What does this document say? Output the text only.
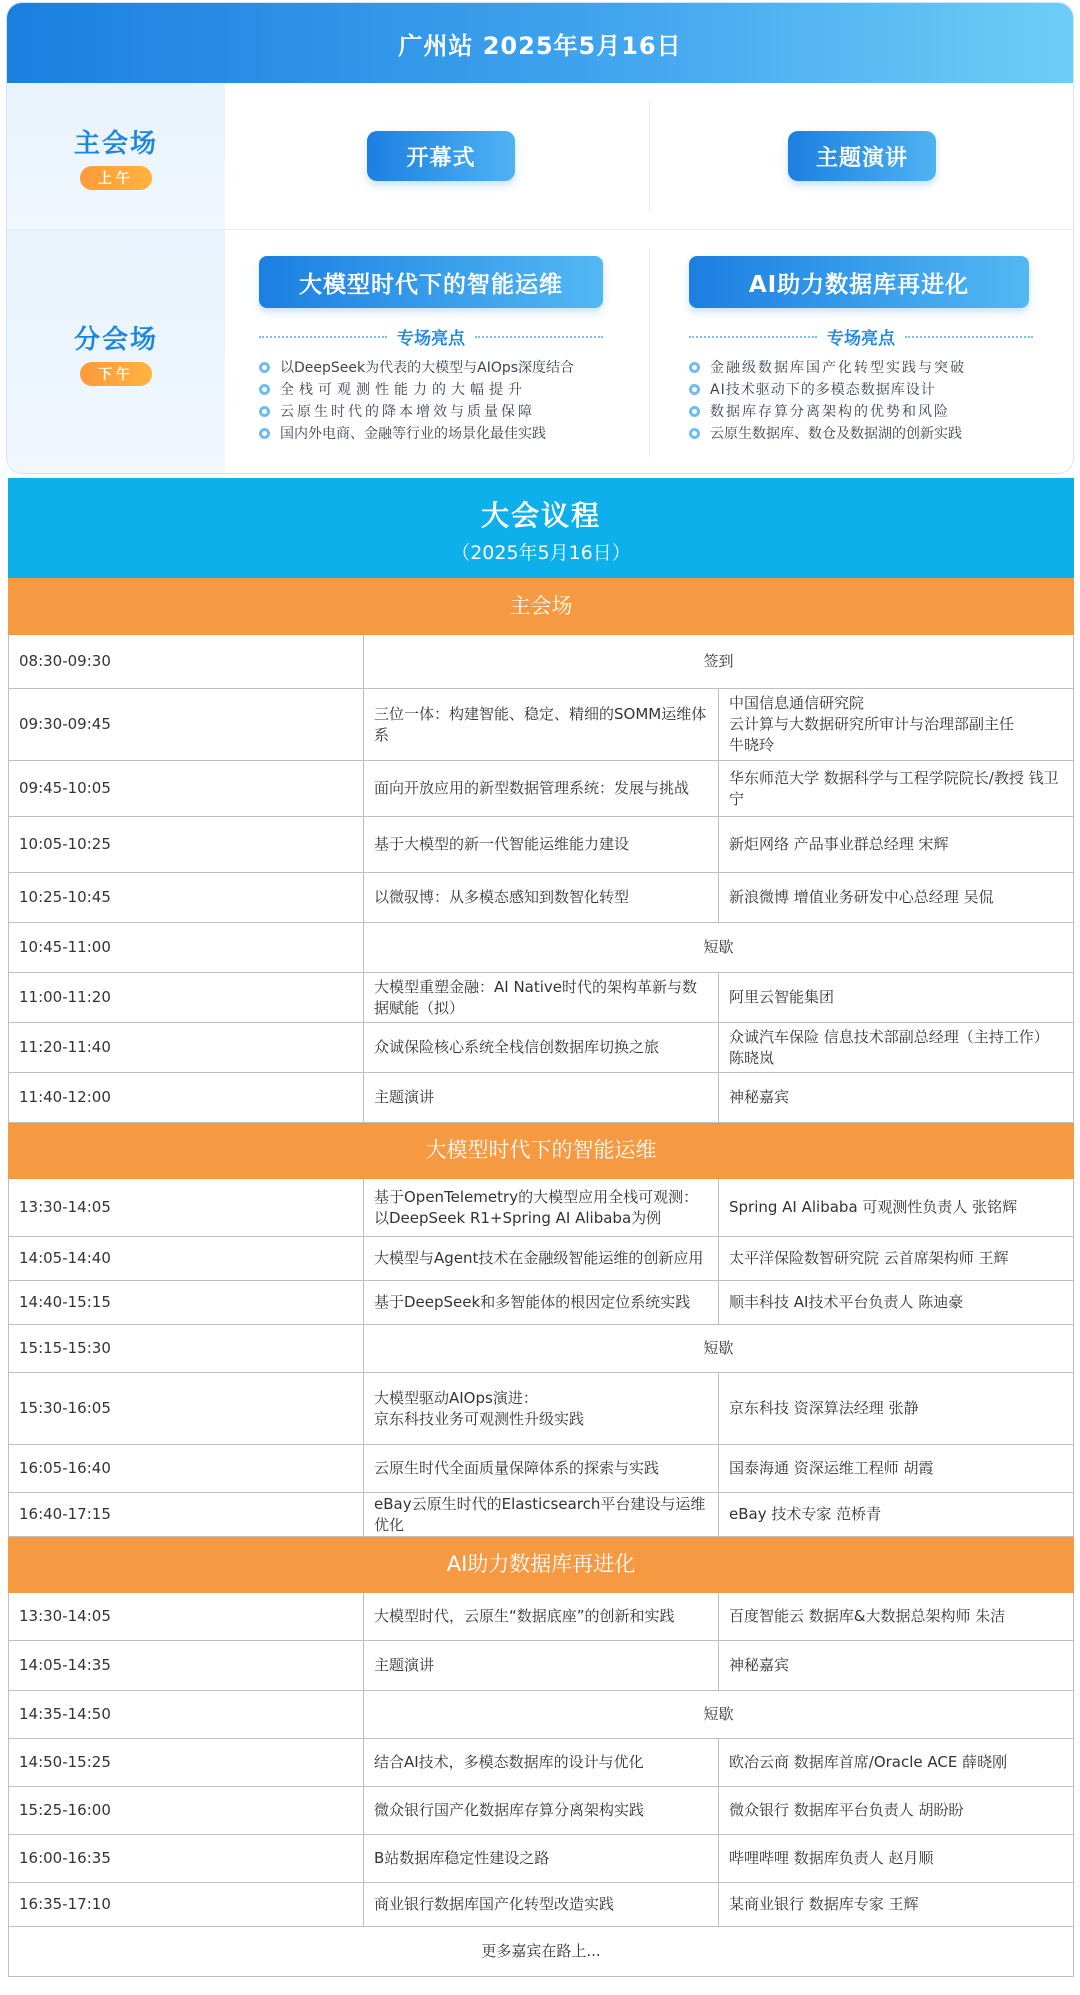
广州站 2025年5月16日
主会场
上午
开幕式	主题演讲
分会场
下午
大模型时代下的智能运维
专场亮点
以DeepSeek为代表的大模型与AIOps深度结合
全栈可观测性能力的大幅提升
云原生时代的降本增效与质量保障
国内外电商、金融等行业的场景化最佳实践
AI助力数据库再进化
专场亮点
金融级数据库国产化转型实践与突破
AI技术驱动下的多模态数据库设计
数据库存算分离架构的优势和风险
云原生数据库、数仓及数据湖的创新实践
大会议程
（2025年5月16日）
主会场		
08:30-09:30	签到	
09:30-09:45	三位一体：构建智能、稳定、精细的SOMM运维体系	中国信息通信研究院
云计算与大数据研究所审计与治理部副主任
牛晓玲
09:45-10:05	面向开放应用的新型数据管理系统：发展与挑战	华东师范大学 数据科学与工程学院院长/教授 钱卫宁
10:05-10:25	基于大模型的新一代智能运维能力建设	新炬网络 产品事业群总经理 宋辉
10:25-10:45	以微驭博：从多模态感知到数智化转型	新浪微博 增值业务研发中心总经理 吴侃
10:45-11:00	短歇	
11:00-11:20	大模型重塑金融：AI Native时代的架构革新与数据赋能（拟）	阿里云智能集团
11:20-11:40	众诚保险核心系统全栈信创数据库切换之旅	众诚汽车保险 信息技术部副总经理（主持工作）
陈晓岚
11:40-12:00	主题演讲	神秘嘉宾
大模型时代下的智能运维		
13:30-14:05	基于OpenTelemetry的大模型应用全栈可观测：
以DeepSeek R1+Spring AI Alibaba为例	Spring AI Alibaba 可观测性负责人 张铭辉
14:05-14:40	大模型与Agent技术在金融级智能运维的创新应用	太平洋保险数智研究院 云首席架构师 王辉
14:40-15:15	基于DeepSeek和多智能体的根因定位系统实践	顺丰科技 AI技术平台负责人 陈迪豪
15:15-15:30	短歇	
15:30-16:05	大模型驱动AIOps演进：
京东科技业务可观测性升级实践	京东科技 资深算法经理 张静
16:05-16:40	云原生时代全面质量保障体系的探索与实践	国泰海通 资深运维工程师 胡霞
16:40-17:15	eBay云原生时代的Elasticsearch平台建设与运维优化	eBay 技术专家 范桥青
AI助力数据库再进化		
13:30-14:05	大模型时代，云原生“数据底座”的创新和实践	百度智能云 数据库&大数据总架构师 朱洁
14:05-14:35	主题演讲	神秘嘉宾
14:35-14:50	短歇	
14:50-15:25	结合AI技术，多模态数据库的设计与优化	欧冶云商 数据库首席/Oracle ACE 薛晓刚
15:25-16:00	微众银行国产化数据库存算分离架构实践	微众银行 数据库平台负责人 胡盼盼
16:00-16:35	B站数据库稳定性建设之路	哔哩哔哩 数据库负责人 赵月顺
16:35-17:10	商业银行数据库国产化转型改造实践	某商业银行 数据库专家 王辉
更多嘉宾在路上...		
